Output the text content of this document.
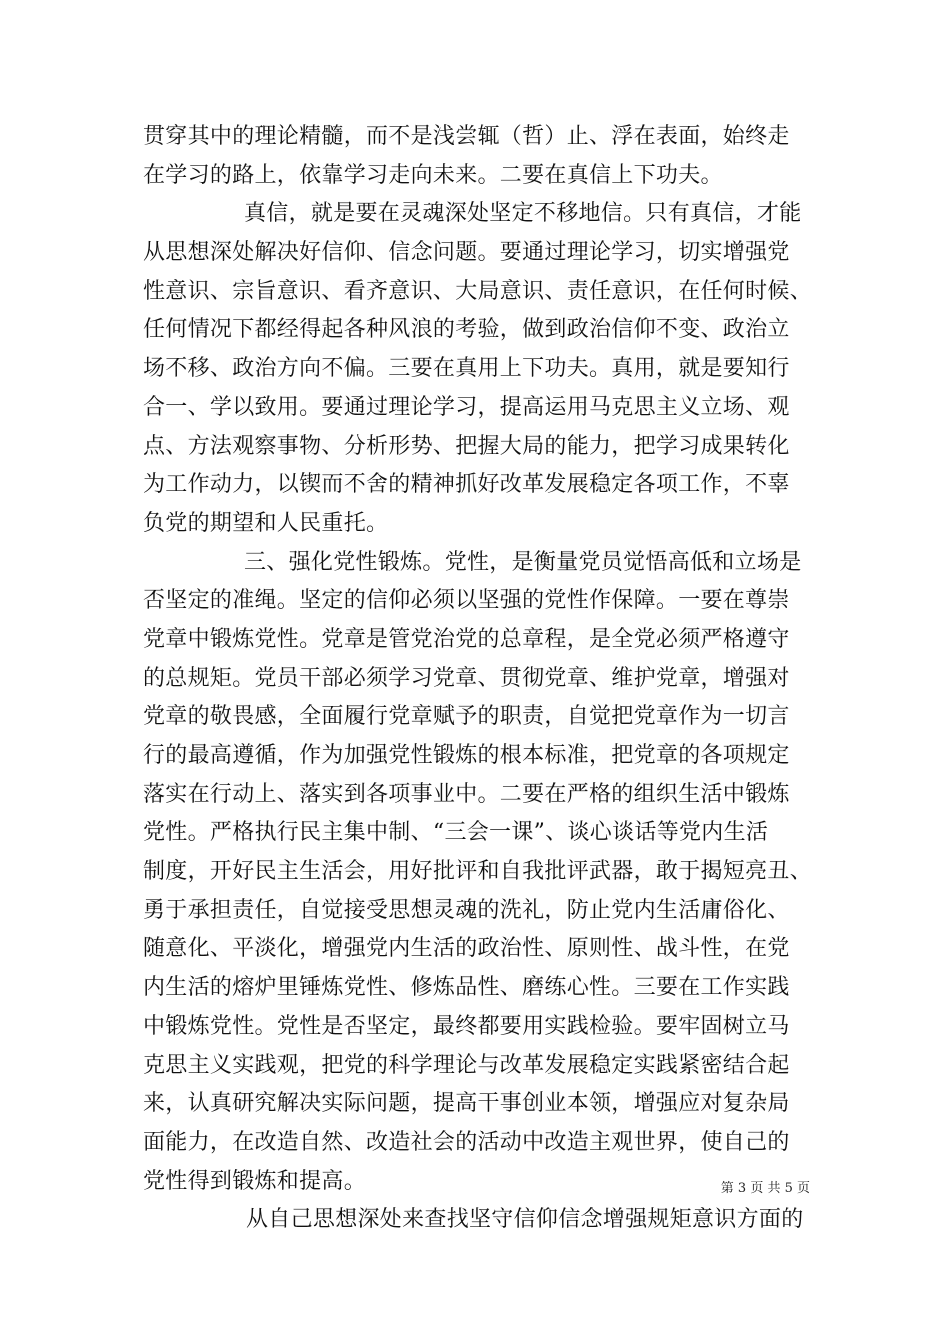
贯穿其中的理论精髓，而不是浅尝辄（哲）止、浮在表面，始终走
在学习的路上，依靠学习走向未来。二要在真信上下功夫。
真信，就是要在灵魂深处坚定不移地信。只有真信，才能
从思想深处解决好信仰、信念问题。要通过理论学习，切实增强党
性意识、宗旨意识、看齐意识、大局意识、责任意识，在任何时候、
任何情况下都经得起各种风浪的考验，做到政治信仰不变、政治立
场不移、政治方向不偏。三要在真用上下功夫。真用，就是要知行
合一、学以致用。要通过理论学习，提高运用马克思主义立场、观
点、方法观察事物、分析形势、把握大局的能力，把学习成果转化
为工作动力，以锲而不舍的精神抓好改革发展稳定各项工作，不辜
负党的期望和人民重托。
三、强化党性锻炼。党性，是衡量党员觉悟高低和立场是
否坚定的准绳。坚定的信仰必须以坚强的党性作保障。一要在尊崇
党章中锻炼党性。党章是管党治党的总章程，是全党必须严格遵守
的总规矩。党员干部必须学习党章、贯彻党章、维护党章，增强对
党章的敬畏感，全面履行党章赋予的职责，自觉把党章作为一切言
行的最高遵循，作为加强党性锻炼的根本标准，把党章的各项规定
落实在行动上、落实到各项事业中。二要在严格的组织生活中锻炼
党性。严格执行民主集中制、“三会一课”、谈心谈话等党内生活
制度，开好民主生活会，用好批评和自我批评武器，敢于揭短亮丑、
勇于承担责任，自觉接受思想灵魂的洗礼，防止党内生活庸俗化、
随意化、平淡化，增强党内生活的政治性、原则性、战斗性，在党
内生活的熔炉里锤炼党性、修炼品性、磨练心性。三要在工作实践
中锻炼党性。党性是否坚定，最终都要用实践检验。要牢固树立马
克思主义实践观，把党的科学理论与改革发展稳定实践紧密结合起
来，认真研究解决实际问题，提高干事创业本领，增强应对复杂局
面能力，在改造自然、改造社会的活动中改造主观世界，使自己的
党性得到锻炼和提高。
从自己思想深处来查找坚守信仰信念增强规矩意识方面的
第 3 页 共 5 页
